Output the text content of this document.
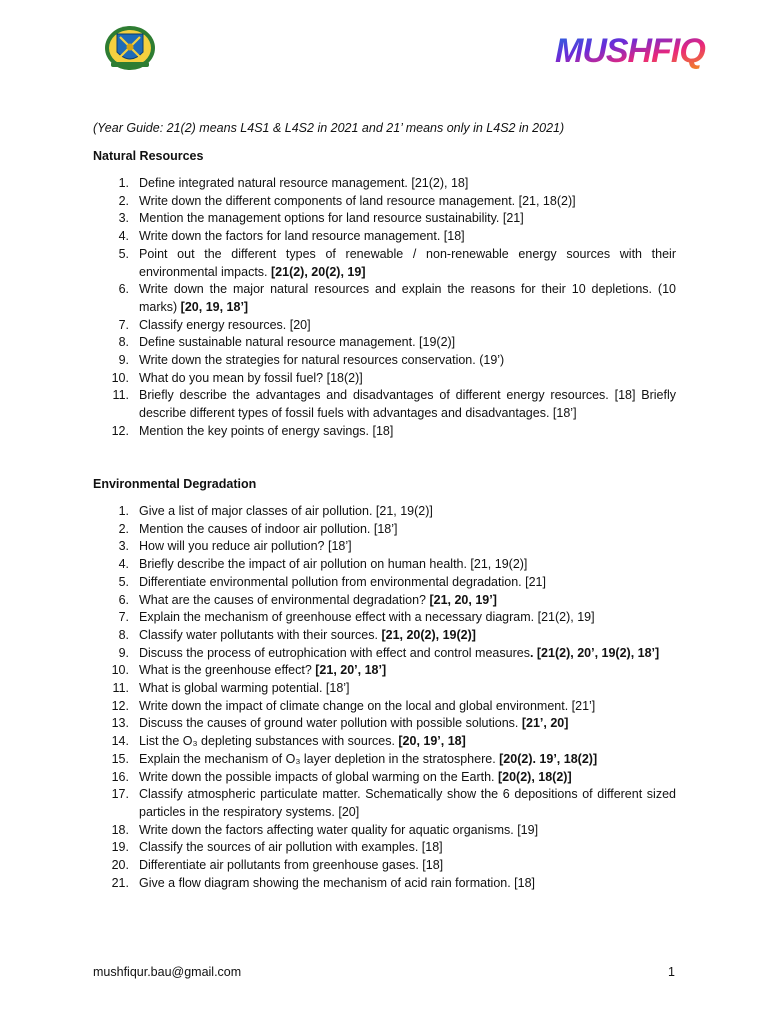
MUSHFIQ
(Year Guide: 21(2) means L4S1 & L4S2 in 2021 and 21’ means only in L4S2 in 2021)
Natural Resources
1. Define integrated natural resource management. [21(2), 18]
2. Write down the different components of land resource management. [21, 18(2)]
3. Mention the management options for land resource sustainability. [21]
4. Write down the factors for land resource management. [18]
5. Point out the different types of renewable / non-renewable energy sources with their environmental impacts. [21(2), 20(2), 19]
6. Write down the major natural resources and explain the reasons for their 10 depletions. (10 marks) [20, 19, 18’]
7. Classify energy resources. [20]
8. Define sustainable natural resource management. [19(2)]
9. Write down the strategies for natural resources conservation. (19’)
10. What do you mean by fossil fuel? [18(2)]
11. Briefly describe the advantages and disadvantages of different energy resources. [18] Briefly describe different types of fossil fuels with advantages and disadvantages. [18’]
12. Mention the key points of energy savings. [18]
Environmental Degradation
1. Give a list of major classes of air pollution. [21, 19(2)]
2. Mention the causes of indoor air pollution. [18’]
3. How will you reduce air pollution? [18’]
4. Briefly describe the impact of air pollution on human health. [21, 19(2)]
5. Differentiate environmental pollution from environmental degradation. [21]
6. What are the causes of environmental degradation? [21, 20, 19’]
7. Explain the mechanism of greenhouse effect with a necessary diagram. [21(2), 19]
8. Classify water pollutants with their sources. [21, 20(2), 19(2)]
9. Discuss the process of eutrophication with effect and control measures. [21(2), 20’, 19(2), 18’]
10. What is the greenhouse effect? [21, 20’, 18’]
11. What is global warming potential. [18’]
12. Write down the impact of climate change on the local and global environment. [21’]
13. Discuss the causes of ground water pollution with possible solutions. [21’, 20]
14. List the O₃ depleting substances with sources. [20, 19’, 18]
15. Explain the mechanism of O₃ layer depletion in the stratosphere. [20(2). 19’, 18(2)]
16. Write down the possible impacts of global warming on the Earth. [20(2), 18(2)]
17. Classify atmospheric particulate matter. Schematically show the 6 depositions of different sized particles in the respiratory systems. [20]
18. Write down the factors affecting water quality for aquatic organisms. [19]
19. Classify the sources of air pollution with examples. [18]
20. Differentiate air pollutants from greenhouse gases. [18]
21. Give a flow diagram showing the mechanism of acid rain formation. [18]
mushfiqur.bau@gmail.com	1
